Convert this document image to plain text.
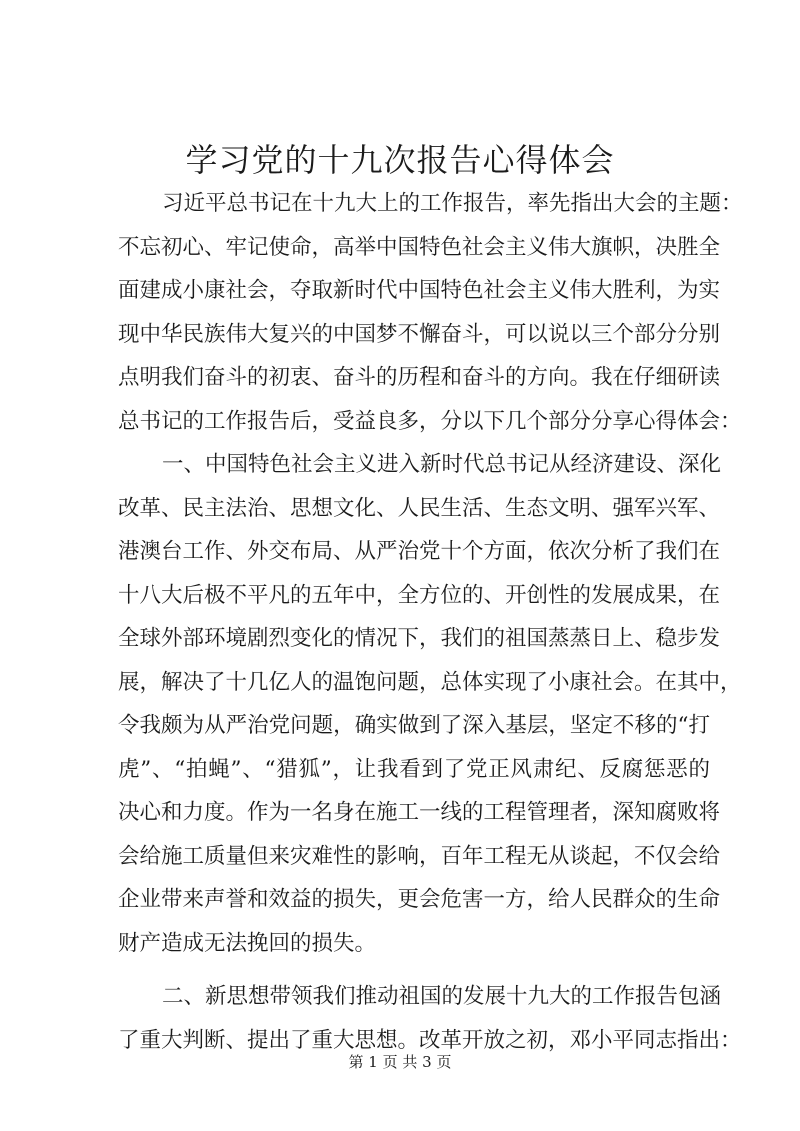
学习党的十九次报告心得体会
习近平总书记在十九大上的工作报告，率先指出大会的主题：
不忘初心、牢记使命，高举中国特色社会主义伟大旗帜，决胜全
面建成小康社会，夺取新时代中国特色社会主义伟大胜利，为实
现中华民族伟大复兴的中国梦不懈奋斗，可以说以三个部分分别
点明我们奋斗的初衷、奋斗的历程和奋斗的方向。我在仔细研读
总书记的工作报告后，受益良多，分以下几个部分分享心得体会：
一、中国特色社会主义进入新时代总书记从经济建设、深化
改革、民主法治、思想文化、人民生活、生态文明、强军兴军、
港澳台工作、外交布局、从严治党十个方面，依次分析了我们在
十八大后极不平凡的五年中，全方位的、开创性的发展成果，在
全球外部环境剧烈变化的情况下，我们的祖国蒸蒸日上、稳步发
展，解决了十几亿人的温饱问题，总体实现了小康社会。在其中，
令我颇为从严治党问题，确实做到了深入基层，坚定不移的“打
虎”、“拍蝇”、“猎狐”，让我看到了党正风肃纪、反腐惩恶的
决心和力度。作为一名身在施工一线的工程管理者，深知腐败将
会给施工质量但来灾难性的影响，百年工程无从谈起，不仅会给
企业带来声誉和效益的损失，更会危害一方，给人民群众的生命
财产造成无法挽回的损失。
二、新思想带领我们推动祖国的发展十九大的工作报告包涵
了重大判断、提出了重大思想。改革开放之初，邓小平同志指出：
第 1 页 共 3 页
